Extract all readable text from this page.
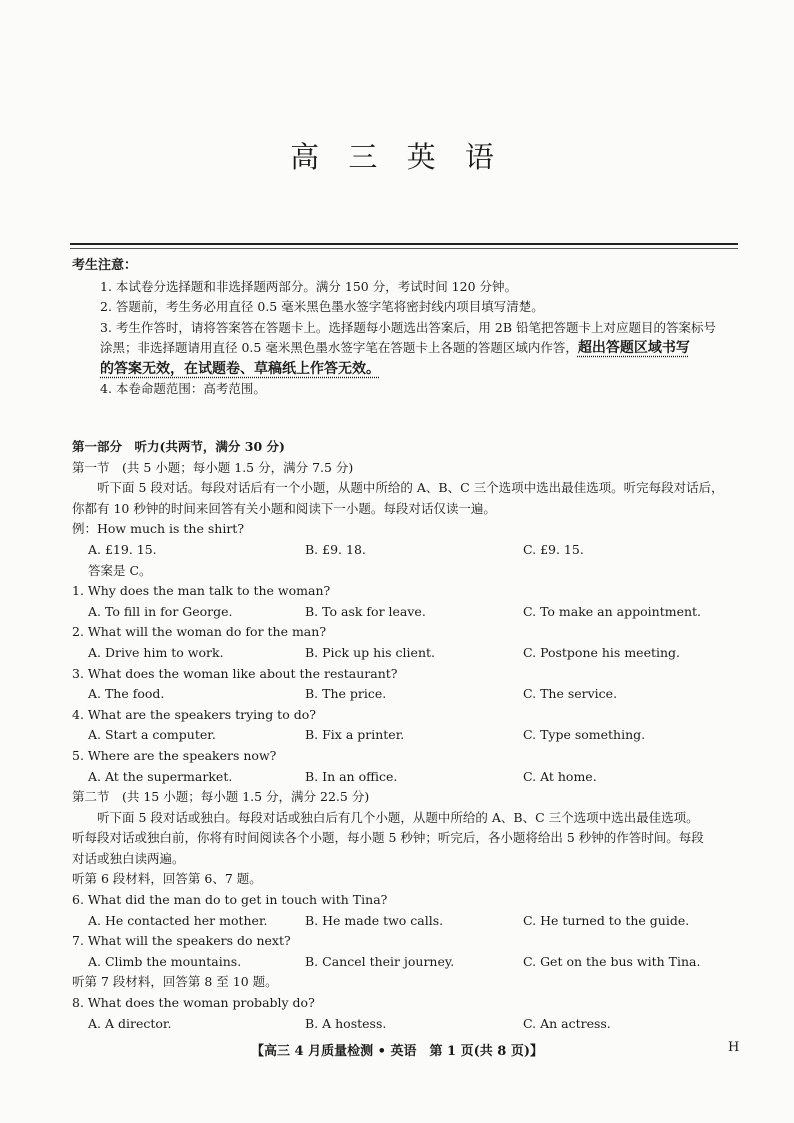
高 三 英 语

考生注意：

1. 本试卷分选择题和非选择题两部分。满分 150 分，考试时间 120 分钟。

2. 答题前，考生务必用直径 0.5 毫米黑色墨水签字笔将密封线内项目填写清楚。

3. 考生作答时，请将答案答在答题卡上。选择题每小题选出答案后，用 2B 铅笔把答题卡上对应题目的答案标号

涂黑；非选择题请用直径 0.5 毫米黑色墨水签字笔在答题卡上各题的答题区域内作答，超出答题区域书写

的答案无效，在试题卷、草稿纸上作答无效。

4. 本卷命题范围：高考范围。

第一部分　听力(共两节，满分 30 分)

第一节　(共 5 小题；每小题 1.5 分，满分 7.5 分)

听下面 5 段对话。每段对话后有一个小题，从题中所给的 A、B、C 三个选项中选出最佳选项。听完每段对话后，

你都有 10 秒钟的时间来回答有关小题和阅读下一小题。每段对话仅读一遍。

例：How much is the shirt?

A. £19. 15.	B. £9. 18.	C. £9. 15.

答案是 C。

1. Why does the man talk to the woman?

A. To fill in for George.	B. To ask for leave.	C. To make an appointment.

2. What will the woman do for the man?

A. Drive him to work.	B. Pick up his client.	C. Postpone his meeting.

3. What does the woman like about the restaurant?

A. The food.	B. The price.	C. The service.

4. What are the speakers trying to do?

A. Start a computer.	B. Fix a printer.	C. Type something.

5. Where are the speakers now?

A. At the supermarket.	B. In an office.	C. At home.

第二节　(共 15 小题；每小题 1.5 分，满分 22.5 分)

听下面 5 段对话或独白。每段对话或独白后有几个小题，从题中所给的 A、B、C 三个选项中选出最佳选项。

听每段对话或独白前，你将有时间阅读各个小题，每小题 5 秒钟；听完后，各小题将给出 5 秒钟的作答时间。每段

对话或独白读两遍。

听第 6 段材料，回答第 6、7 题。

6. What did the man do to get in touch with Tina?

A. He contacted her mother.	B. He made two calls.	C. He turned to the guide.

7. What will the speakers do next?

A. Climb the mountains.	B. Cancel their journey.	C. Get on the bus with Tina.

听第 7 段材料，回答第 8 至 10 题。

8. What does the woman probably do?

A. A director.	B. A hostess.	C. An actress.
【高三 4 月质量检测 • 英语　第 1 页(共 8 页)】	H
